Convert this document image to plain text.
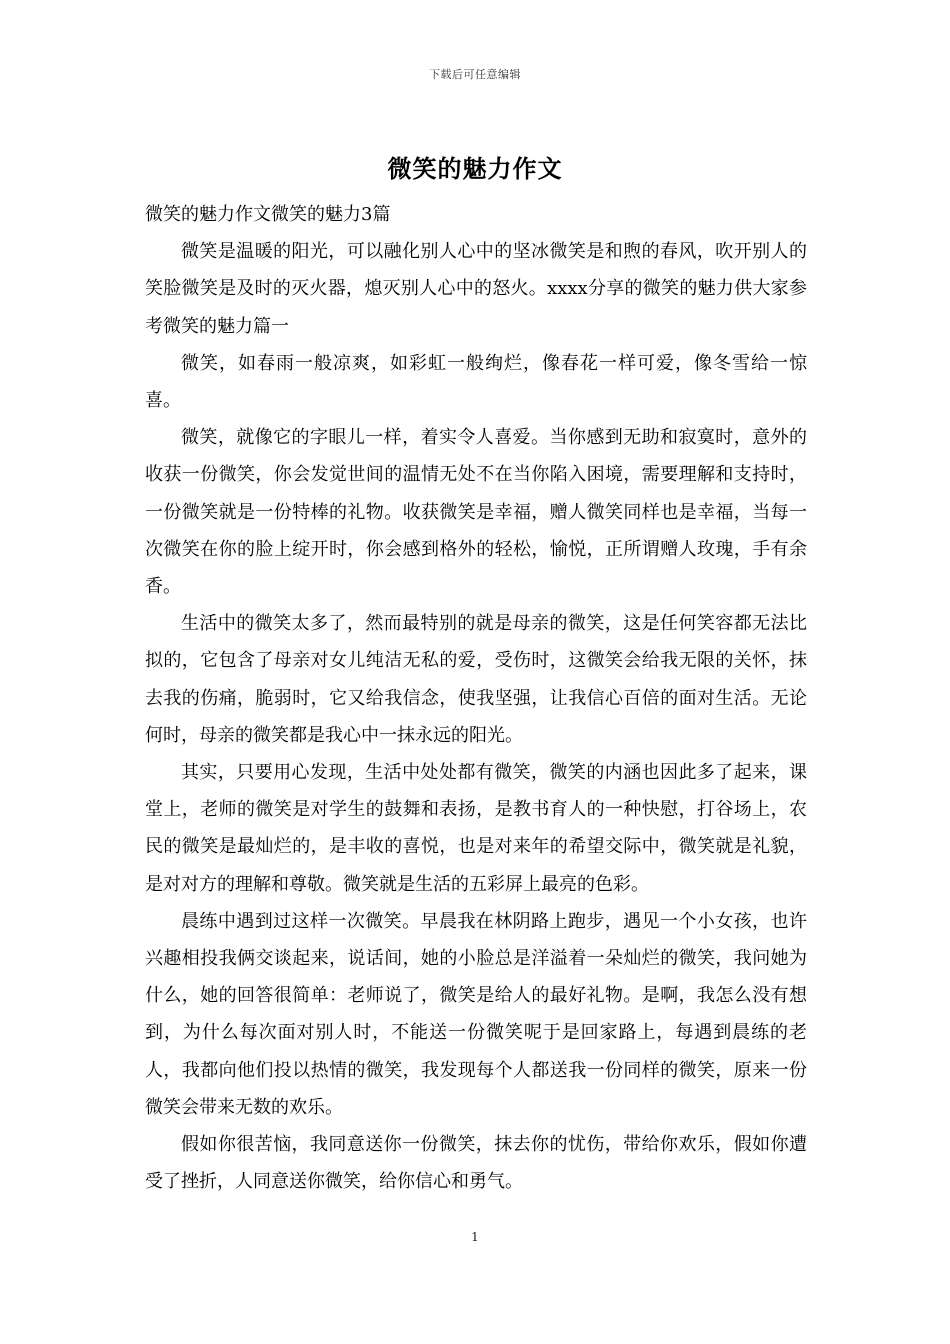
下载后可任意编辑
微笑的魅力作文

微笑的魅力作文微笑的魅力3篇

微笑是温暖的阳光，可以融化别人心中的坚冰微笑是和煦的春风，吹开别人的笑脸微笑是及时的灭火器，熄灭别人心中的怒火。xxxx分享的微笑的魅力供大家参考微笑的魅力篇一

微笑，如春雨一般凉爽，如彩虹一般绚烂，像春花一样可爱，像冬雪给一惊喜。

微笑，就像它的字眼儿一样，着实令人喜爱。当你感到无助和寂寞时，意外的收获一份微笑，你会发觉世间的温情无处不在当你陷入困境，需要理解和支持时，一份微笑就是一份特棒的礼物。收获微笑是幸福，赠人微笑同样也是幸福，当每一次微笑在你的脸上绽开时，你会感到格外的轻松，愉悦，正所谓赠人玫瑰，手有余香。

生活中的微笑太多了，然而最特别的就是母亲的微笑，这是任何笑容都无法比拟的，它包含了母亲对女儿纯洁无私的爱，受伤时，这微笑会给我无限的关怀，抹去我的伤痛，脆弱时，它又给我信念，使我坚强，让我信心百倍的面对生活。无论何时，母亲的微笑都是我心中一抹永远的阳光。

其实，只要用心发现，生活中处处都有微笑，微笑的内涵也因此多了起来，课堂上，老师的微笑是对学生的鼓舞和表扬，是教书育人的一种快慰，打谷场上，农民的微笑是最灿烂的，是丰收的喜悦，也是对来年的希望交际中，微笑就是礼貌，是对对方的理解和尊敬。微笑就是生活的五彩屏上最亮的色彩。

晨练中遇到过这样一次微笑。早晨我在林阴路上跑步，遇见一个小女孩，也许兴趣相投我俩交谈起来，说话间，她的小脸总是洋溢着一朵灿烂的微笑，我问她为什么，她的回答很简单：老师说了，微笑是给人的最好礼物。是啊，我怎么没有想到，为什么每次面对别人时，不能送一份微笑呢于是回家路上，每遇到晨练的老人，我都向他们投以热情的微笑，我发现每个人都送我一份同样的微笑，原来一份微笑会带来无数的欢乐。

假如你很苦恼，我同意送你一份微笑，抹去你的忧伤，带给你欢乐，假如你遭受了挫折，人同意送你微笑，给你信心和勇气。

1
